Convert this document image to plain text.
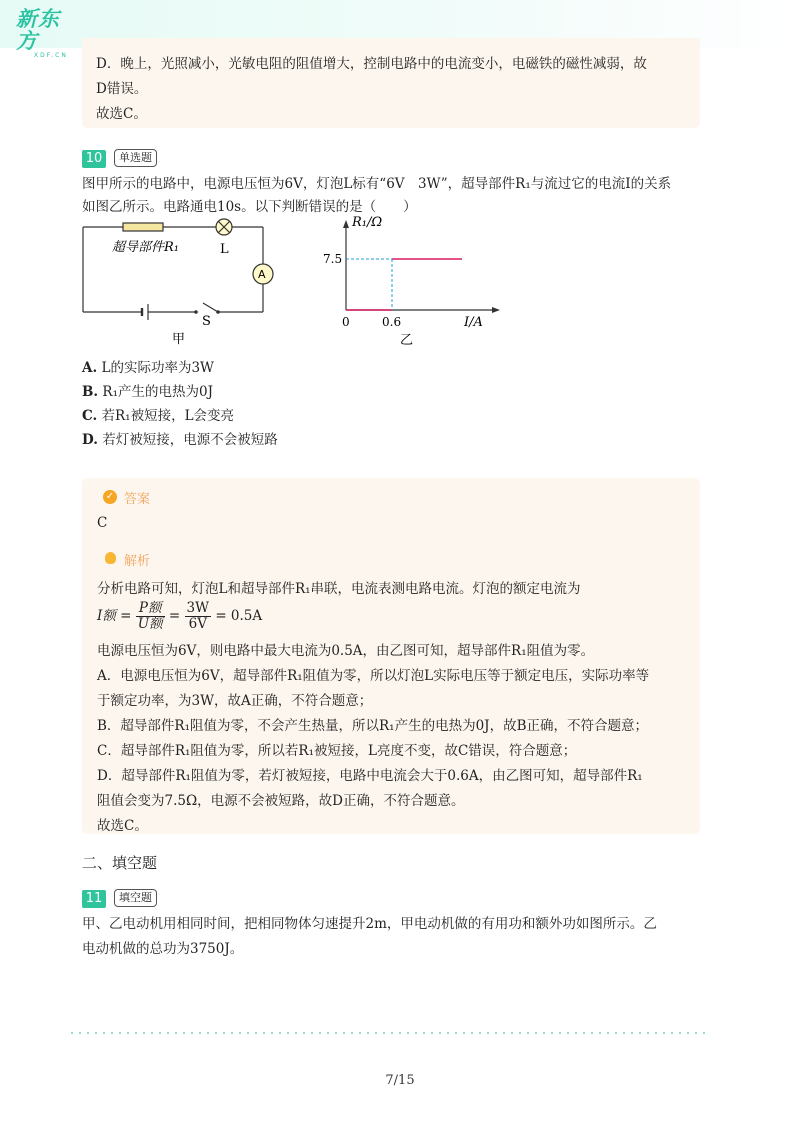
新东方
XDF.CN
D．晚上，光照减小，光敏电阻的阻值增大，控制电路中的电流变小，电磁铁的磁性减弱，故
D错误。
故选C。
10	单选题
图甲所示的电路中，电源电压恒为6V，灯泡L标有“6V　3W”，超导部件R₁与流过它的电流I的关系
如图乙所示。电路通电10s。以下判断错误的是（　　）
超导部件R₁	L
A
S
甲
R₁/Ω
I/A
0	0.6
7.5
乙
A. L的实际功率为3W
B. R₁产生的电热为0J
C. 若R₁被短接，L会变亮
D. 若灯被短接，电源不会被短路
✓ 答案
C
解析
分析电路可知，灯泡L和超导部件R₁串联，电流表测电路电流。灯泡的额定电流为
I额 = $\frac{\text{P额}}{\text{U额}} = \frac{3W}{6V} = 0.5A$
电源电压恒为6V，则电路中最大电流为0.5A，由乙图可知，超导部件R₁阻值为零。
A．电源电压恒为6V，超导部件R₁阻值为零，所以灯泡L实际电压等于额定电压，实际功率等
于额定功率，为3W，故A正确，不符合题意；
B．超导部件R₁阻值为零，不会产生热量，所以R₁产生的电热为0J，故B正确，不符合题意；
C．超导部件R₁阻值为零，所以若R₁被短接，L亮度不变，故C错误，符合题意；
D．超导部件R₁阻值为零，若灯被短接，电路中电流会大于0.6A，由乙图可知，超导部件R₁
阻值会变为7.5Ω，电源不会被短路，故D正确，不符合题意。
故选C。
二、填空题
11	填空题
甲、乙电动机用相同时间，把相同物体匀速提升2m，甲电动机做的有用功和额外功如图所示。乙
电动机做的总功为3750J。
7/15
